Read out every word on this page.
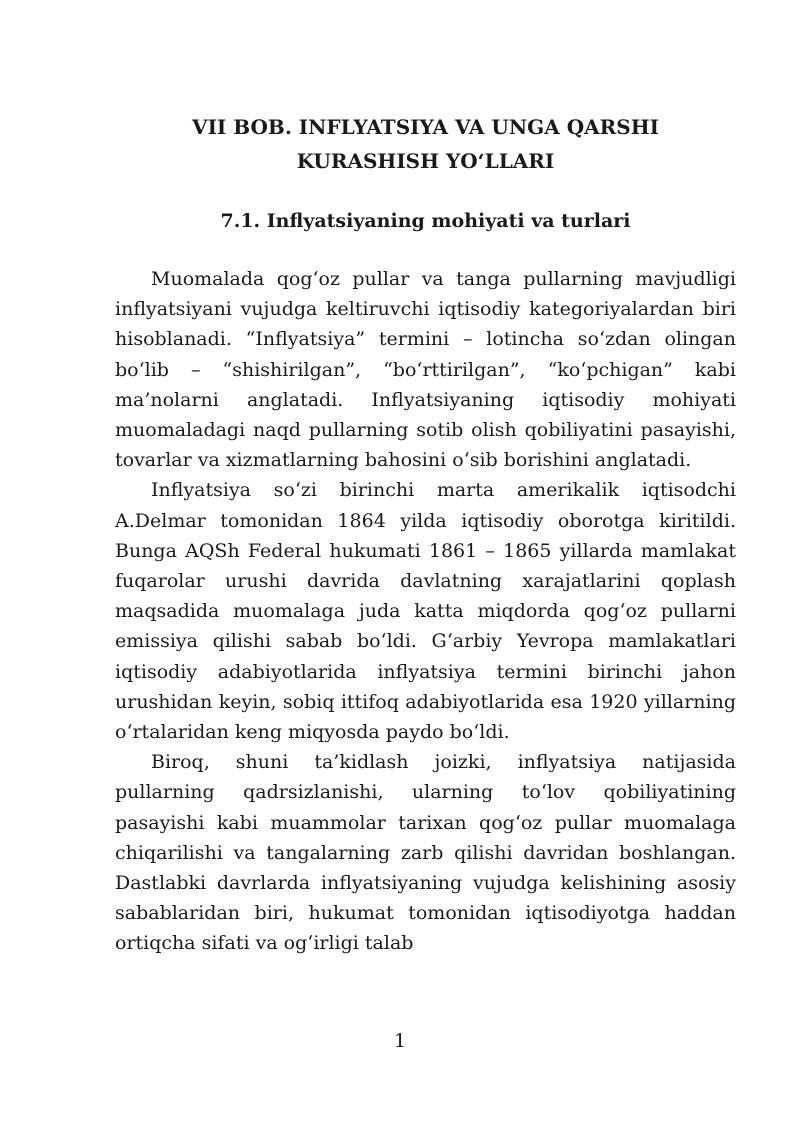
VII BOB. INFLYATSIYA VA UNGA QARSHI
KURASHISH YO‘LLARI
7.1. Inflyatsiyaning mohiyati va turlari

Muomalada qog‘oz pullar va tanga pullarning mavjudligi inflyatsiyani vujudga keltiruvchi iqtisodiy kategoriyalardan biri hisoblanadi. “Inflyatsiya” termini – lotincha so‘zdan olingan bo‘lib – “shishirilgan”, “bo‘rttirilgan”, “ko‘pchigan” kabi ma’nolarni anglatadi. Inflyatsiyaning iqtisodiy mohiyati muomaladagi naqd pullarning sotib olish qobiliyatini pasayishi, tovarlar va xizmatlarning bahosini o‘sib borishini anglatadi.

Inflyatsiya so‘zi birinchi marta amerikalik iqtisodchi A.Delmar tomonidan 1864 yilda iqtisodiy oborotga kiritildi. Bunga AQSh Federal hukumati 1861 – 1865 yillarda mamlakat fuqarolar urushi davrida davlatning xarajatlarini qoplash maqsadida muomalaga juda katta miqdorda qog‘oz pullarni emissiya qilishi sabab bo‘ldi. G‘arbiy Yevropa mamlakatlari iqtisodiy adabiyotlarida inflyatsiya termini birinchi jahon urushidan keyin, sobiq ittifoq adabiyotlarida esa 1920 yillarning o‘rtalaridan keng miqyosda paydo bo‘ldi.

Biroq, shuni ta’kidlash joizki, inflyatsiya natijasida pullarning qadrsizlanishi, ularning to‘lov qobiliyatining pasayishi kabi muammolar tarixan qog‘oz pullar muomalaga chiqarilishi va tangalarning zarb qilishi davridan boshlangan. Dastlabki davrlarda inflyatsiyaning vujudga kelishining asosiy sabablaridan biri, hukumat tomonidan iqtisodiyotga haddan ortiqcha sifati va og‘irligi talab

1
